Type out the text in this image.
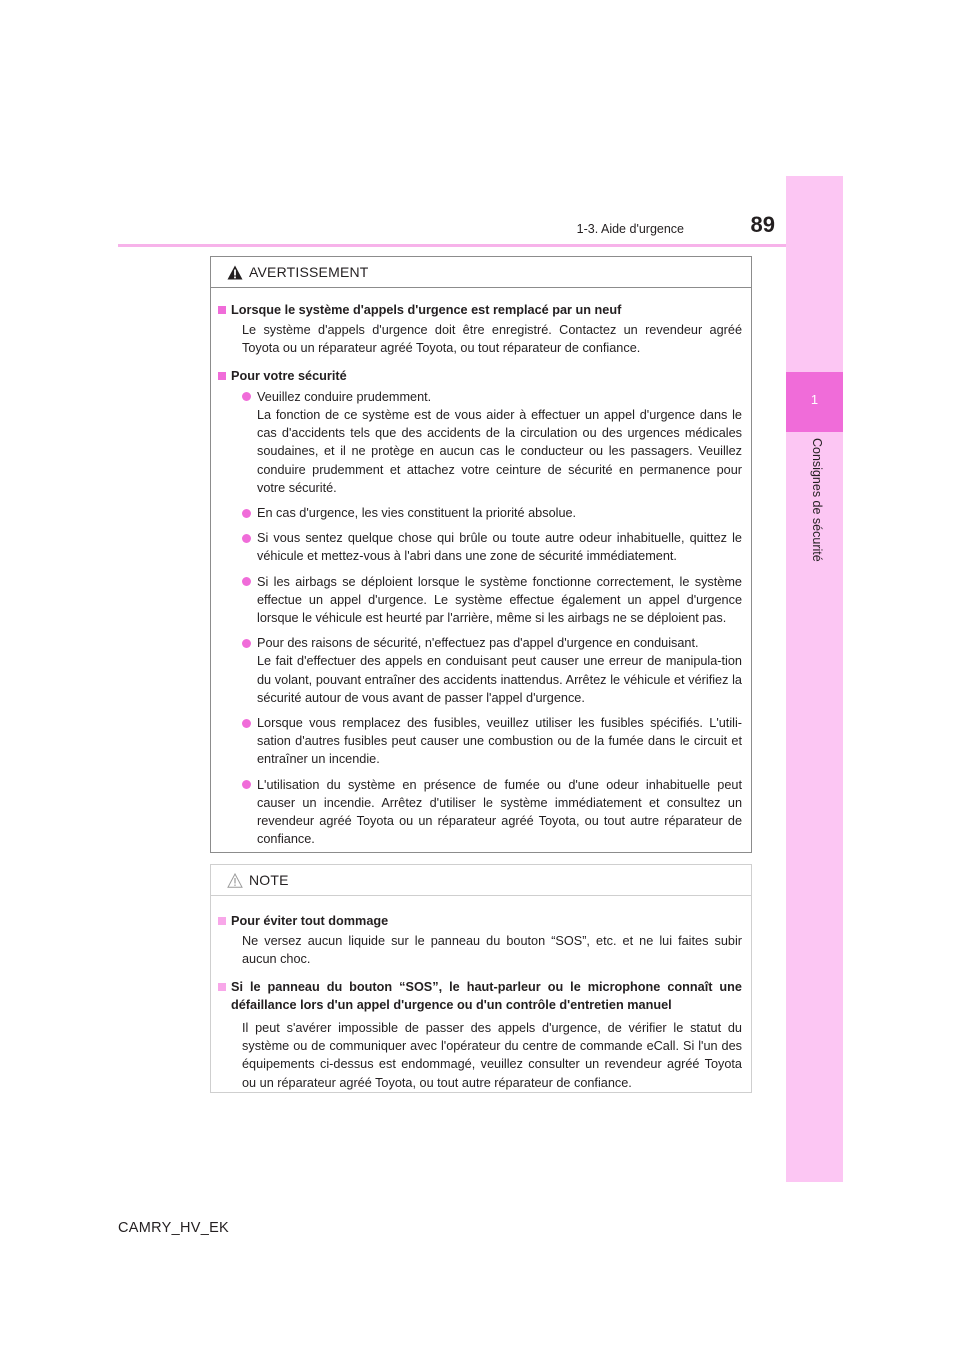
1-3. Aide d'urgence	89
1
Consignes de sécurité
AVERTISSEMENT
Lorsque le système d'appels d'urgence est remplacé par un neuf
Le système d'appels d'urgence doit être enregistré. Contactez un revendeur agréé Toyota ou un réparateur agréé Toyota, ou tout réparateur de confiance.
Pour votre sécurité
Veuillez conduire prudemment.
La fonction de ce système est de vous aider à effectuer un appel d'urgence dans le cas d'accidents tels que des accidents de la circulation ou des urgences médicales soudaines, et il ne protège en aucun cas le conducteur ou les passagers. Veuillez conduire prudemment et attachez votre ceinture de sécurité en permanence pour votre sécurité.
En cas d'urgence, les vies constituent la priorité absolue.
Si vous sentez quelque chose qui brûle ou toute autre odeur inhabituelle, quittez le véhicule et mettez-vous à l'abri dans une zone de sécurité immédiatement.
Si les airbags se déploient lorsque le système fonctionne correctement, le système effectue un appel d'urgence. Le système effectue également un appel d'urgence lorsque le véhicule est heurté par l'arrière, même si les airbags ne se déploient pas.
Pour des raisons de sécurité, n'effectuez pas d'appel d'urgence en conduisant.
Le fait d'effectuer des appels en conduisant peut causer une erreur de manipula-tion du volant, pouvant entraîner des accidents inattendus. Arrêtez le véhicule et vérifiez la sécurité autour de vous avant de passer l'appel d'urgence.
Lorsque vous remplacez des fusibles, veuillez utiliser les fusibles spécifiés. L'utili-sation d'autres fusibles peut causer une combustion ou de la fumée dans le circuit et entraîner un incendie.
L'utilisation du système en présence de fumée ou d'une odeur inhabituelle peut causer un incendie. Arrêtez d'utiliser le système immédiatement et consultez un revendeur agréé Toyota ou un réparateur agréé Toyota, ou tout autre réparateur de confiance.
NOTE
Pour éviter tout dommage
Ne versez aucun liquide sur le panneau du bouton “SOS”, etc. et ne lui faites subir aucun choc.
Si le panneau du bouton “SOS”, le haut-parleur ou le microphone connaît une défaillance lors d'un appel d'urgence ou d'un contrôle d'entretien manuel
Il peut s'avérer impossible de passer des appels d'urgence, de vérifier le statut du système ou de communiquer avec l'opérateur du centre de commande eCall. Si l'un des équipements ci-dessus est endommagé, veuillez consulter un revendeur agréé Toyota ou un réparateur agréé Toyota, ou tout autre réparateur de confiance.
CAMRY_HV_EK
